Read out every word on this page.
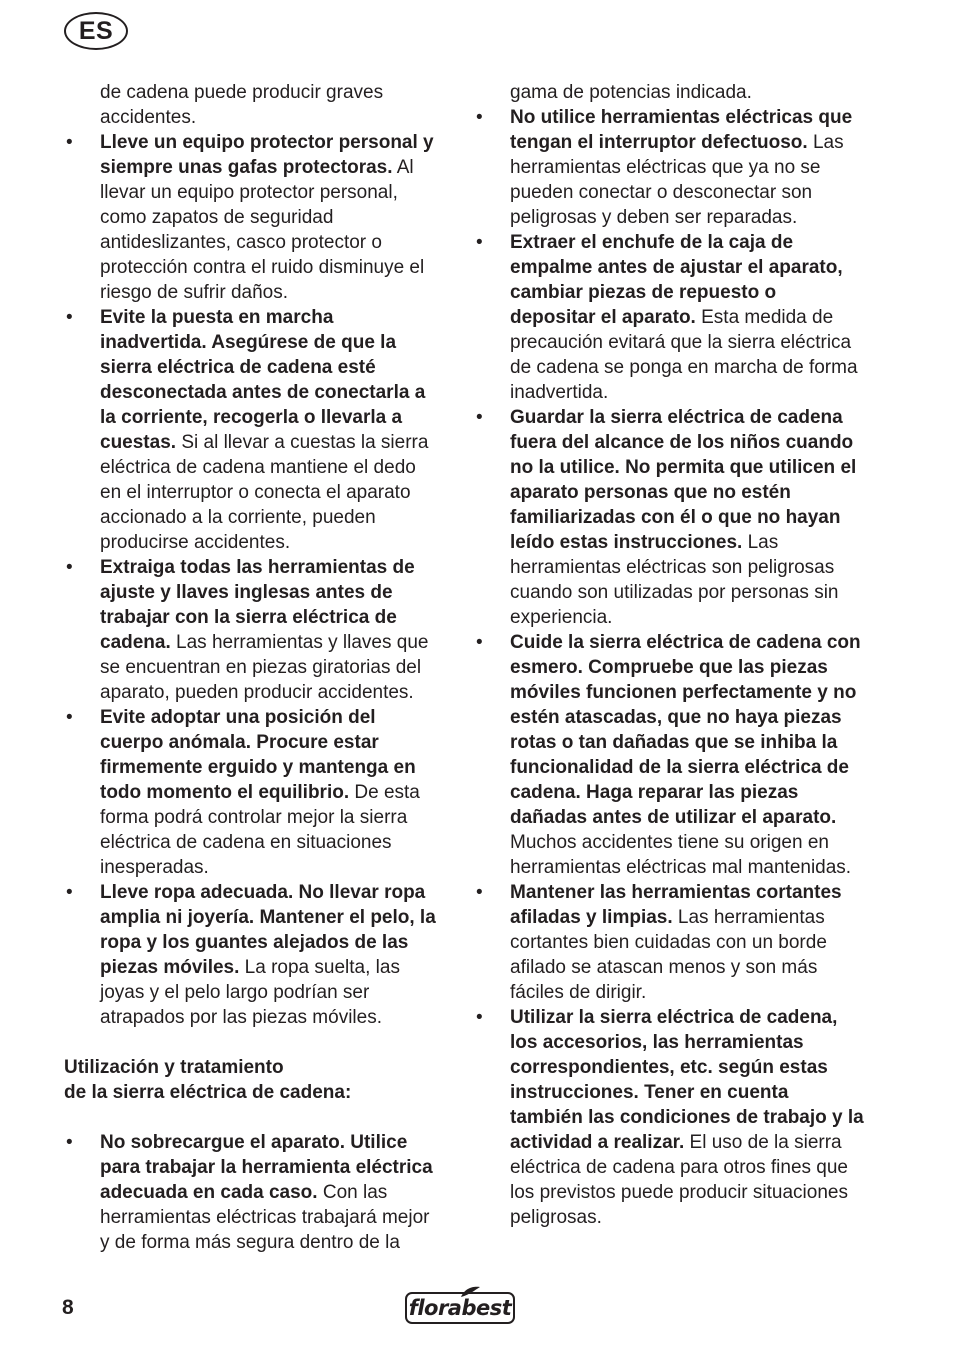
ES

de cadena puede producir graves accidentes.

• Lleve un equipo protector personal y siempre unas gafas protectoras. Al llevar un equipo protector personal, como zapatos de seguridad antideslizantes, casco protector o protección contra el ruido disminuye el riesgo de sufrir daños.
• Evite la puesta en marcha inadvertida. Asegúrese de que la sierra eléctrica de cadena esté desconectada antes de conectarla a la corriente, recogerla o llevarla a cuestas. Si al llevar a cuestas la sierra eléctrica de cadena mantiene el dedo en el interruptor o conecta el aparato accionado a la corriente, pueden producirse accidentes.
• Extraiga todas las herramientas de ajuste y llaves inglesas antes de trabajar con la sierra eléctrica de cadena. Las herramientas y llaves que se encuentran en piezas giratorias del aparato, pueden producir accidentes.
• Evite adoptar una posición del cuerpo anómala. Procure estar firmemente erguido y mantenga en todo momento el equilibrio. De esta forma podrá controlar mejor la sierra eléctrica de cadena en situaciones inesperadas.
• Lleve ropa adecuada. No llevar ropa amplia ni joyería. Mantener el pelo, la ropa y los guantes alejados de las piezas móviles. La ropa suelta, las joyas y el pelo largo podrían ser atrapados por las piezas móviles.
Utilización y tratamiento
de la sierra eléctrica de cadena:
• No sobrecargue el aparato. Utilice para trabajar la herramienta eléctrica adecuada en cada caso. Con las herramientas eléctricas trabajará mejor y de forma más segura dentro de la

gama de potencias indicada.

• No utilice herramientas eléctricas que tengan el interruptor defectuoso. Las herramientas eléctricas que ya no se pueden conectar o desconectar son peligrosas y deben ser reparadas.
• Extraer el enchufe de la caja de empalme antes de ajustar el aparato, cambiar piezas de repuesto o depositar el aparato. Esta medida de precaución evitará que la sierra eléctrica de cadena se ponga en marcha de forma inadvertida.
• Guardar la sierra eléctrica de cadena fuera del alcance de los niños cuando no la utilice. No permita que utilicen el aparato personas que no estén familiarizadas con él o que no hayan leído estas instrucciones. Las herramientas eléctricas son peligrosas cuando son utilizadas por personas sin experiencia.
• Cuide la sierra eléctrica de cadena con esmero. Compruebe que las piezas móviles funcionen perfectamente y no estén atascadas, que no haya piezas rotas o tan dañadas que se inhiba la funcionalidad de la sierra eléctrica de cadena. Haga reparar las piezas dañadas antes de utilizar el aparato. Muchos accidentes tiene su origen en herramientas eléctricas mal mantenidas.
• Mantener las herramientas cortantes afiladas y limpias. Las herramientas cortantes bien cuidadas con un borde afilado se atascan menos y son más fáciles de dirigir.
• Utilizar la sierra eléctrica de cadena, los accesorios, las herramientas correspondientes, etc. según estas instrucciones. Tener en cuenta también las condiciones de trabajo y la actividad a realizar. El uso de la sierra eléctrica de cadena para otros fines que los previstos puede producir situaciones peligrosas.
8	florabest
